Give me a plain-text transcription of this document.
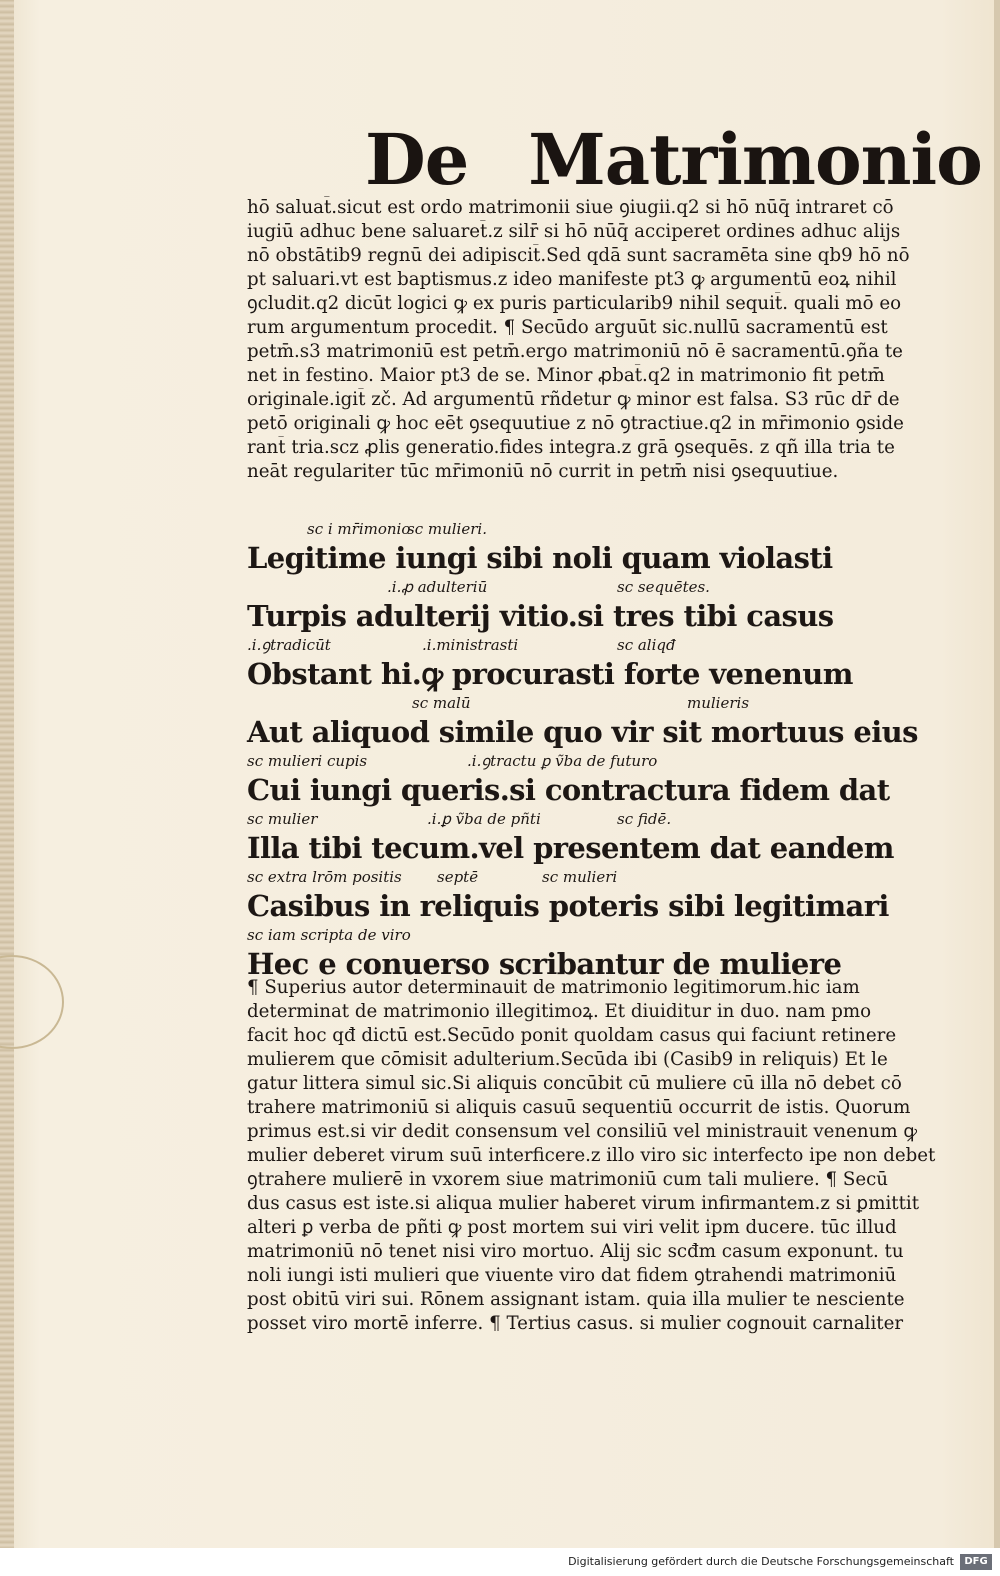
De Matrimonio

hō saluat̄.sicut est ordo matrimonii siue ꝯiugii.q2 si hō nūq̄ intraret cō
iugiū adhuc bene saluaret̄.z silr̄ si hō nūq̄ acciperet ordines adhuc alijs
nō obstātib9 regnū dei adipiscit̄.Sed qdā sunt sacramēta sine qb9 hō nō
pt saluari.vt est baptismus.z ideo manifeste pt3 ꝙ argumentū eoꝝ nihil
ꝯcludit.q2 dicūt logici ꝙ ex puris particularib9 nihil sequit̄. quali mō eo
rum argumentum procedit. ¶ Secūdo arguūt sic.nullū sacramentū est
petm̄.s3 matrimoniū est petm̄.ergo matrimoniū nō ē sacramentū.ꝯña te
net in festino. Maior pt3 de se. Minor ꝓbat̄.q2 in matrimonio fit petm̄
originale.igit̄ zč. Ad argumentū rñdetur ꝙ minor est falsa. S3 rūc dr̄ de
petō originali ꝙ hoc eēt ꝯsequutiue z nō ꝯtractiue.q2 in mr̄imonio ꝯside
rant̄ tria.scz ꝓlis generatio.fides integra.z grā ꝯsequēs. z qñ illa tria te
neāt regulariter tūc mr̄imoniū nō currit in petm̄ nisi ꝯsequutiue.

sc i mr̄imonio
sc mulieri.
Legitime iungi sibi noli quam violasti
.i.ꝓ adulteriū	sc sequētes.
Turpis adulterij vitio.si tres tibi casus
.i.ꝯtradicūt	.i.ministrasti	sc aliqđ
Obstant hi.ꝙ procurasti forte venenum
sc malū	mulieris
Aut aliquod simile quo vir sit mortuus eius
sc mulieri cupis	.i.ꝯtractu ꝑ ṽba de futuro
Cui iungi queris.si contractura fidem dat
sc mulier	.i.ꝑ ṽba de pñti	sc fidē.
Illa tibi tecum.vel presentem dat eandem
sc extra lrōm positis septē	sc mulieri
Casibus in reliquis poteris sibi legitimari
sc iam scripta de viro
Hec e conuerso scribantur de muliere

¶ Superius autor determinauit de matrimonio legitimorum.hic iam
determinat de matrimonio illegitimoꝝ. Et diuiditur in duo. nam pmo
facit hoc qđ dictū est.Secūdo ponit quoldam casus qui faciunt retinere
mulierem que cōmisit adulterium.Secūda ibi (Casib9 in reliquis) Et le
gatur littera simul sic.Si aliquis concūbit cū muliere cū illa nō debet cō
trahere matrimoniū si aliquis casuū sequentiū occurrit de istis. Quorum
primus est.si vir dedit consensum vel consiliū vel ministrauit venenum ꝙ
mulier deberet virum suū interficere.z illo viro sic interfecto ipe non debet
ꝯtrahere mulierē in vxorem siue matrimoniū cum tali muliere. ¶ Secū
dus casus est iste.si aliqua mulier haberet virum infirmantem.z si ꝑmittit
alteri ꝑ verba de pñti ꝙ post mortem sui viri velit ipm ducere. tūc illud
matrimoniū nō tenet nisi viro mortuo. Alij sic scđm casum exponunt. tu
noli iungi isti mulieri que viuente viro dat fidem ꝯtrahendi matrimoniū
post obitū viri sui. Rōnem assignant istam. quia illa mulier te nesciente
posset viro mortē inferre. ¶ Tertius casus. si mulier cognouit carnaliter

Digitalisierung gefördert durch die Deutsche Forschungsgemeinschaft	DFG
